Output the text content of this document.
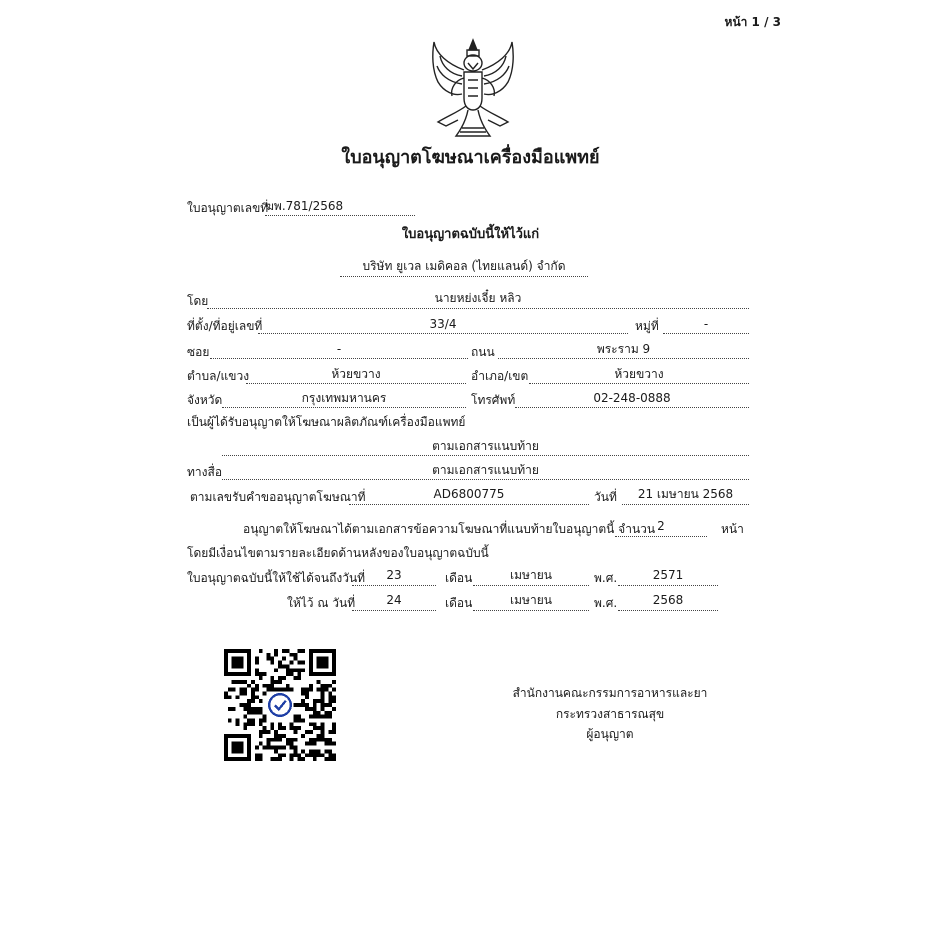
หน้า 1 / 3
ใบอนุญาตโฆษณาเครื่องมือแพทย์
ใบอนุญาตเลขที่
ฆพ.781/2568
ใบอนุญาตฉบับนี้ให้ไว้แก่
บริษัท ยูเวล เมดิคอล (ไทยแลนด์) จำกัด
โดย	นายหย่งเจี๋ย หลิว
ที่ตั้ง/ที่อยู่เลขที่	33/4	หมู่ที่	-
ซอย	-	ถนน	พระราม 9
ตำบล/แขวง	ห้วยขวาง	อำเภอ/เขต	ห้วยขวาง
จังหวัด	กรุงเทพมหานคร	โทรศัพท์	02-248-0888
เป็นผู้ได้รับอนุญาตให้โฆษณาผลิตภัณฑ์เครื่องมือแพทย์
ตามเอกสารแนบท้าย
ทางสื่อ	ตามเอกสารแนบท้าย
ตามเลขรับคำขออนุญาตโฆษณาที่	AD6800775	วันที่	21 เมษายน 2568
อนุญาตให้โฆษณาได้ตามเอกสารข้อความโฆษณาที่แนบท้ายใบอนุญาตนี้ จำนวน 2	หน้า
โดยมีเงื่อนไขตามรายละเอียดด้านหลังของใบอนุญาตฉบับนี้
ใบอนุญาตฉบับนี้ให้ใช้ได้จนถึงวันที่	23	เดือน	เมษายน	พ.ศ.	2571
ให้ไว้ ณ วันที่	24	เดือน	เมษายน	พ.ศ.	2568
สำนักงานคณะกรรมการอาหารและยา
กระทรวงสาธารณสุข
ผู้อนุญาต
